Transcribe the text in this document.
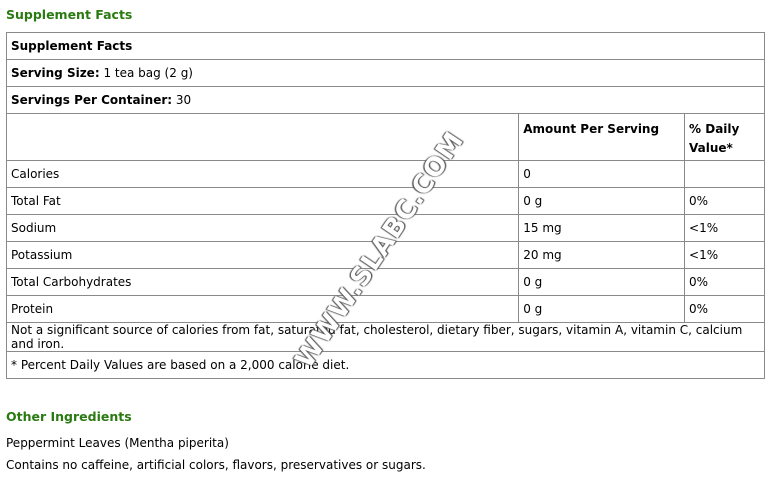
Supplement Facts
Supplement Facts		
Serving Size: 1 tea bag (2 g)		
Servings Per Container: 30		
	Amount Per Serving	% Daily Value*
Calories	0	
Total Fat	0 g	0%
Sodium	15 mg	<1%
Potassium	20 mg	<1%
Total Carbohydrates	0 g	0%
Protein	0 g	0%
Not a significant source of calories from fat, saturated fat, cholesterol, dietary fiber, sugars, vitamin A, vitamin C, calcium and iron.		
* Percent Daily Values are based on a 2,000 calorie diet.		
WWW.SLABC.COM
Other Ingredients

Peppermint Leaves (Mentha piperita)

Contains no caffeine, artificial colors, flavors, preservatives or sugars.
